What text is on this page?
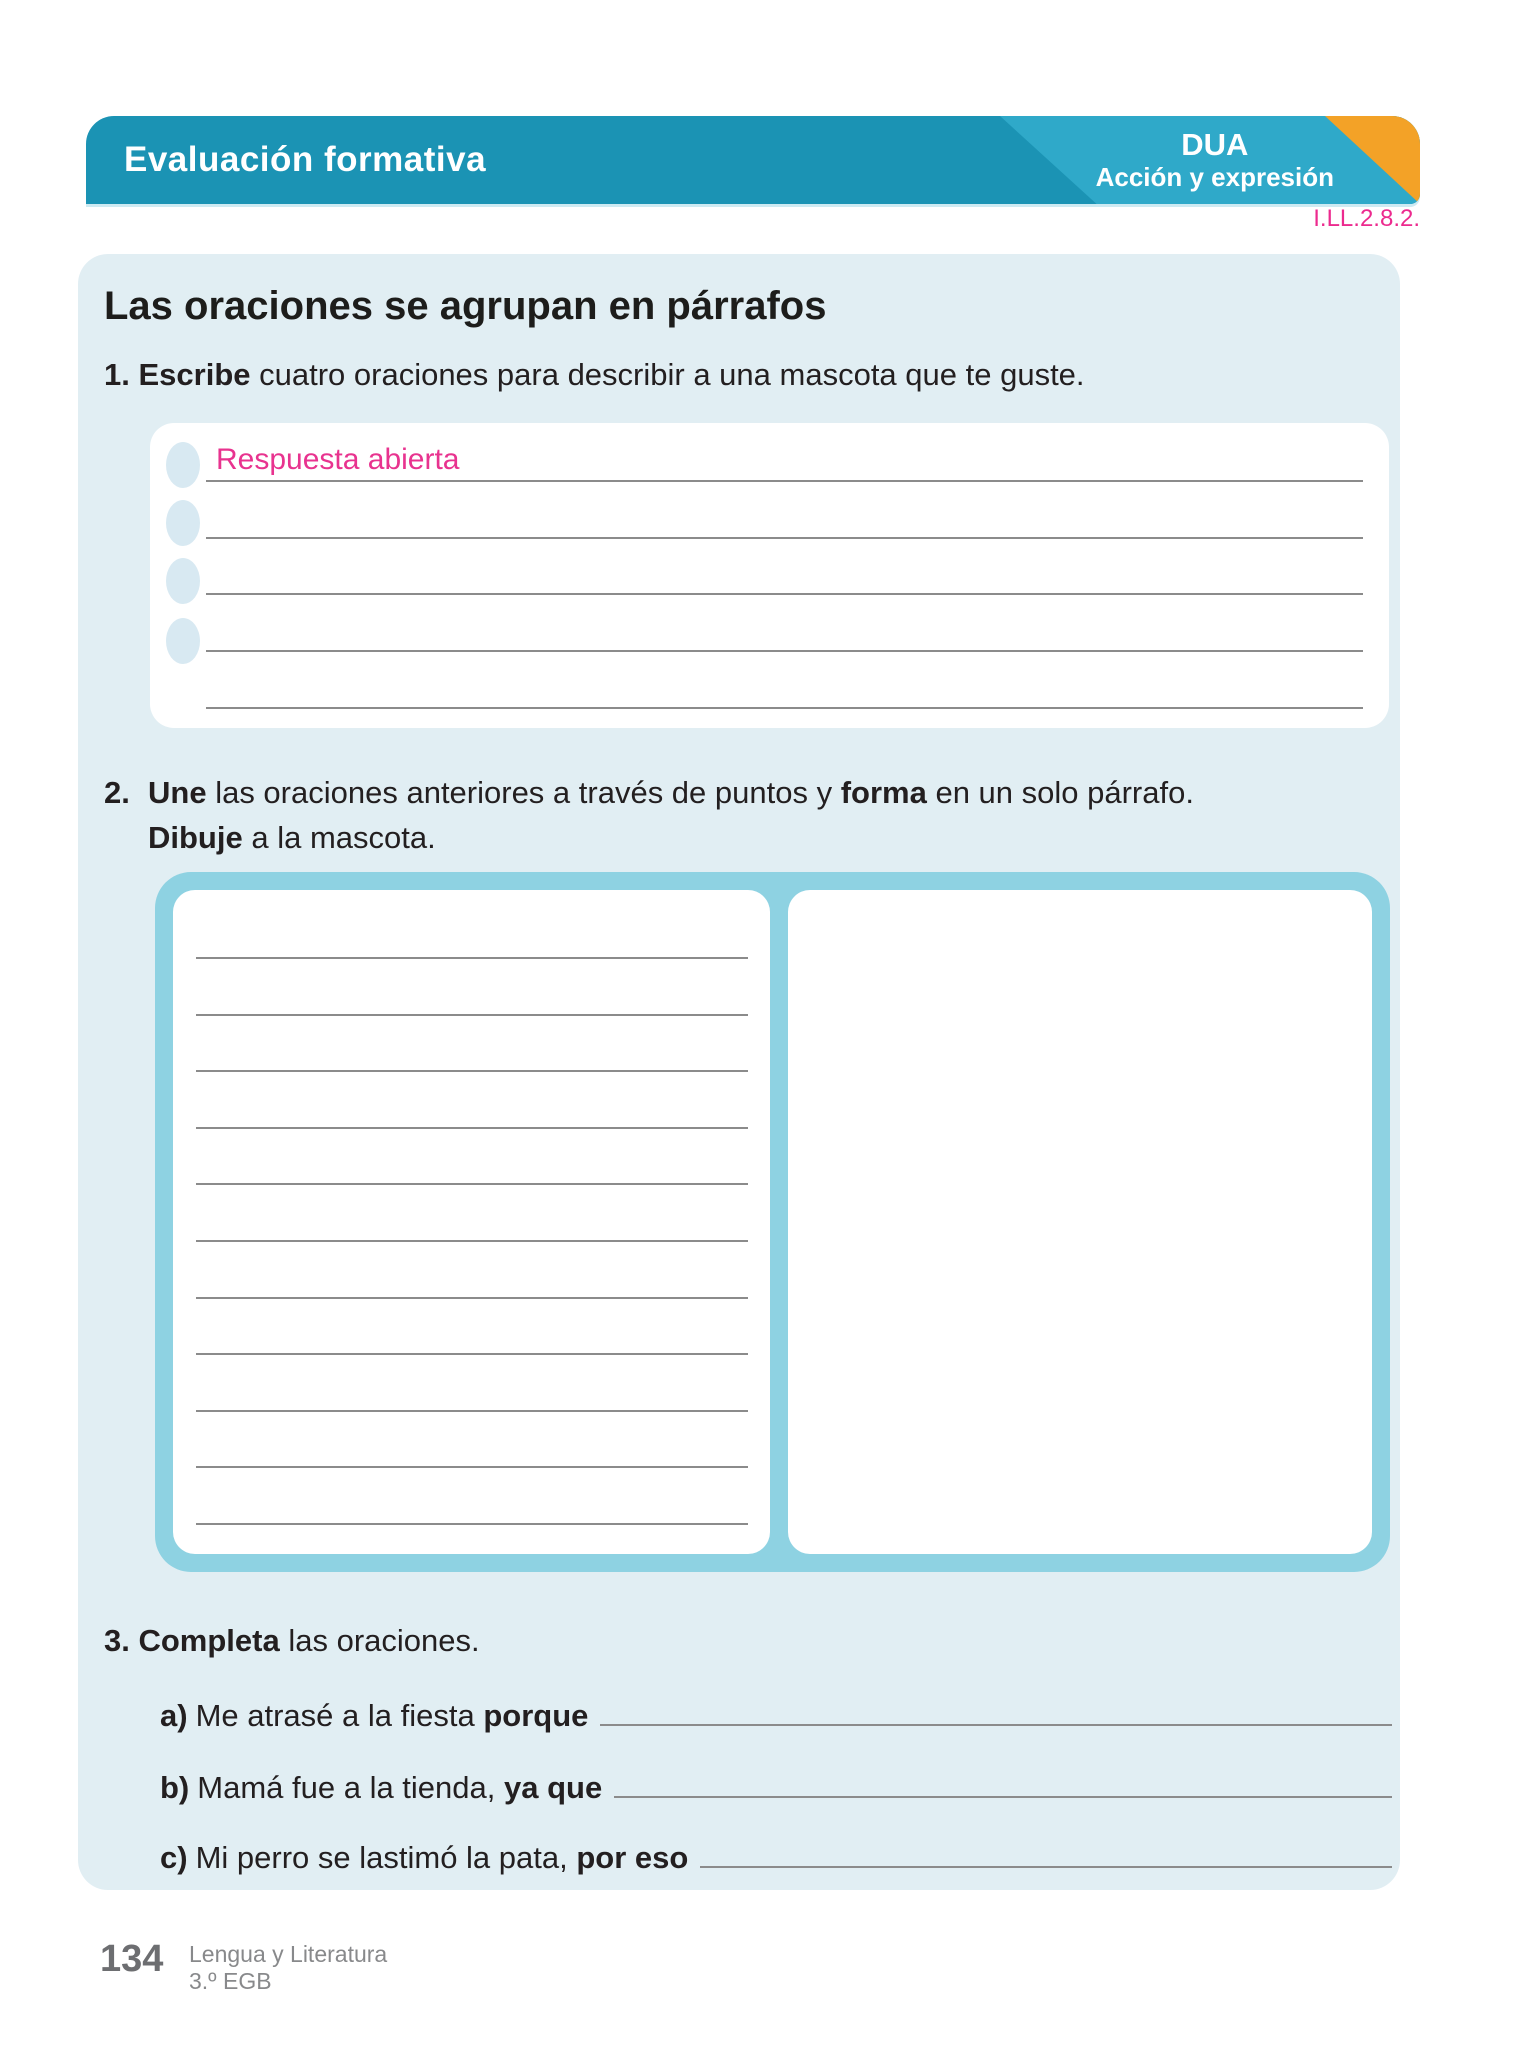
Evaluación formativa	DUA
Acción y expresión
I.LL.2.8.2.
Las oraciones se agrupan en párrafos
1. Escribe cuatro oraciones para describir a una mascota que te guste.
Respuesta abierta
2. Une las oraciones anteriores a través de puntos y forma en un solo párrafo.
Dibuje a la mascota.
3. Completa las oraciones.
a) Me atrasé a la fiesta porque
b) Mamá fue a la tienda, ya que
c) Mi perro se lastimó la pata, por eso
134 Lengua y Literatura
3.º EGB
